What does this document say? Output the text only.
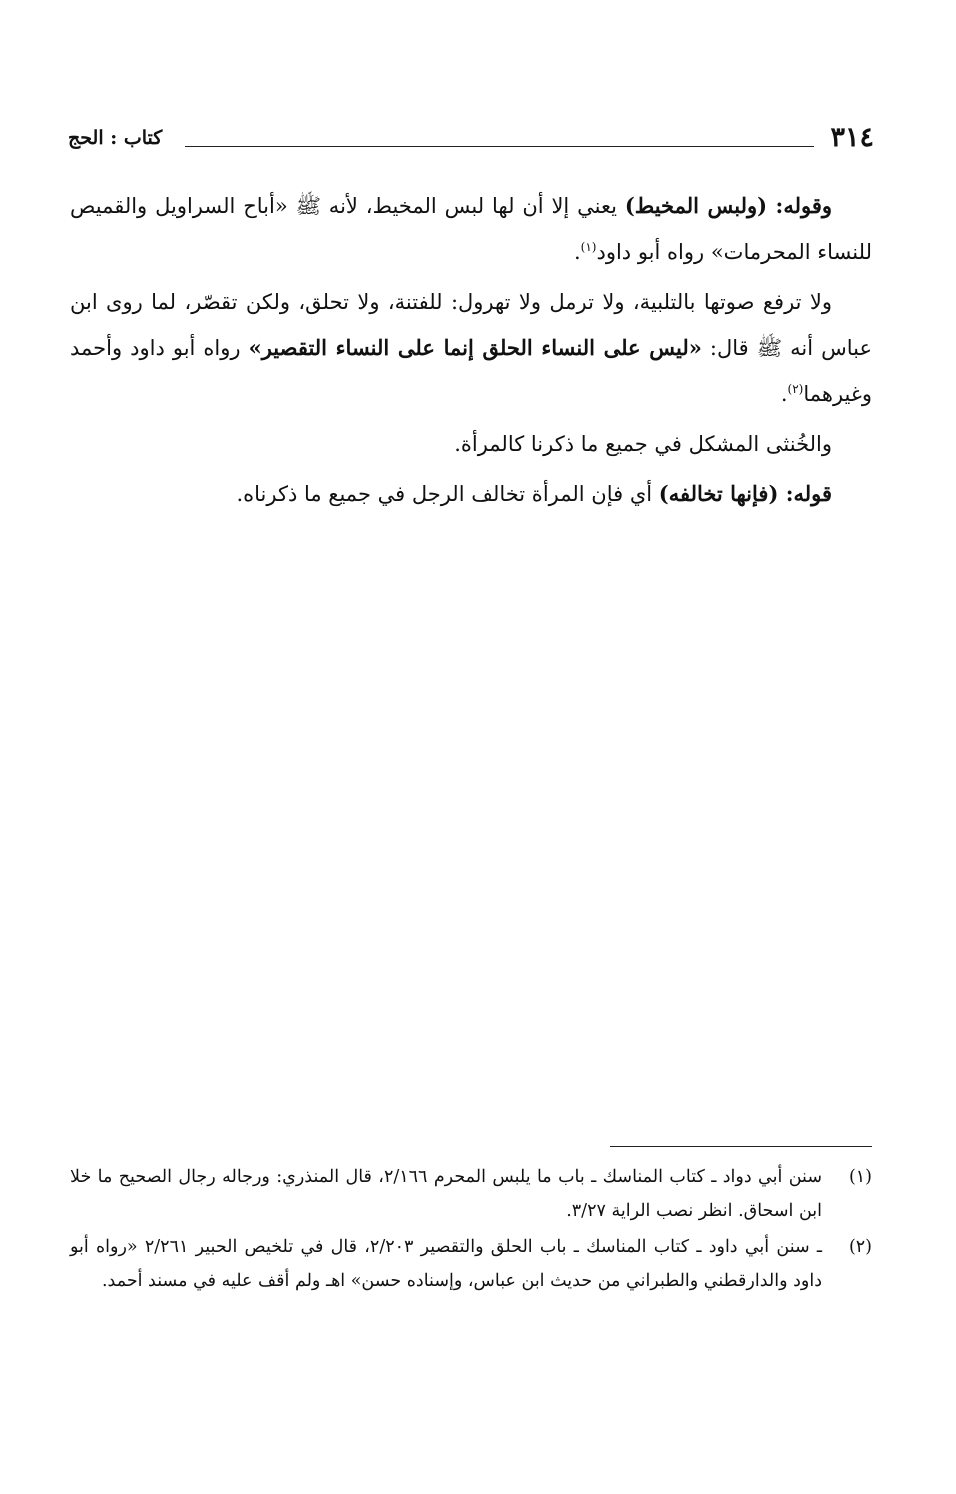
٣١٤
كتاب : الحج

وقوله: (ولبس المخيط) يعني إلا أن لها لبس المخيط، لأنه ﷺ «أباح السراويل والقميص للنساء المحرمات» رواه أبو داود$^{(١)}$.

ولا ترفع صوتها بالتلبية، ولا ترمل ولا تهرول: للفتنة، ولا تحلق، ولكن تقصّر، لما روى ابن عباس أنه ﷺ قال: «ليس على النساء الحلق إنما على النساء التقصير» رواه أبو داود وأحمد وغيرهما$^{(٢)}$.

والخُنثى المشكل في جميع ما ذكرنا كالمرأة.

قوله: (فإنها تخالفه) أي فإن المرأة تخالف الرجل في جميع ما ذكرناه.

(١)
سنن أبي دواد ـ كتاب المناسك ـ باب ما يلبس المحرم ٢/١٦٦، قال المنذري: ورجاله رجال الصحيح ما خلا ابن اسحاق. انظر نصب الراية ٣/٢٧.
(٢)
ـ سنن أبي داود ـ كتاب المناسك ـ باب الحلق والتقصير ٢/٢٠٣، قال في تلخيص الحبير ٢/٢٦١ «رواه أبو داود والدارقطني والطبراني من حديث ابن عباس، وإسناده حسن» اهـ ولم أقف عليه في مسند أحمد.
